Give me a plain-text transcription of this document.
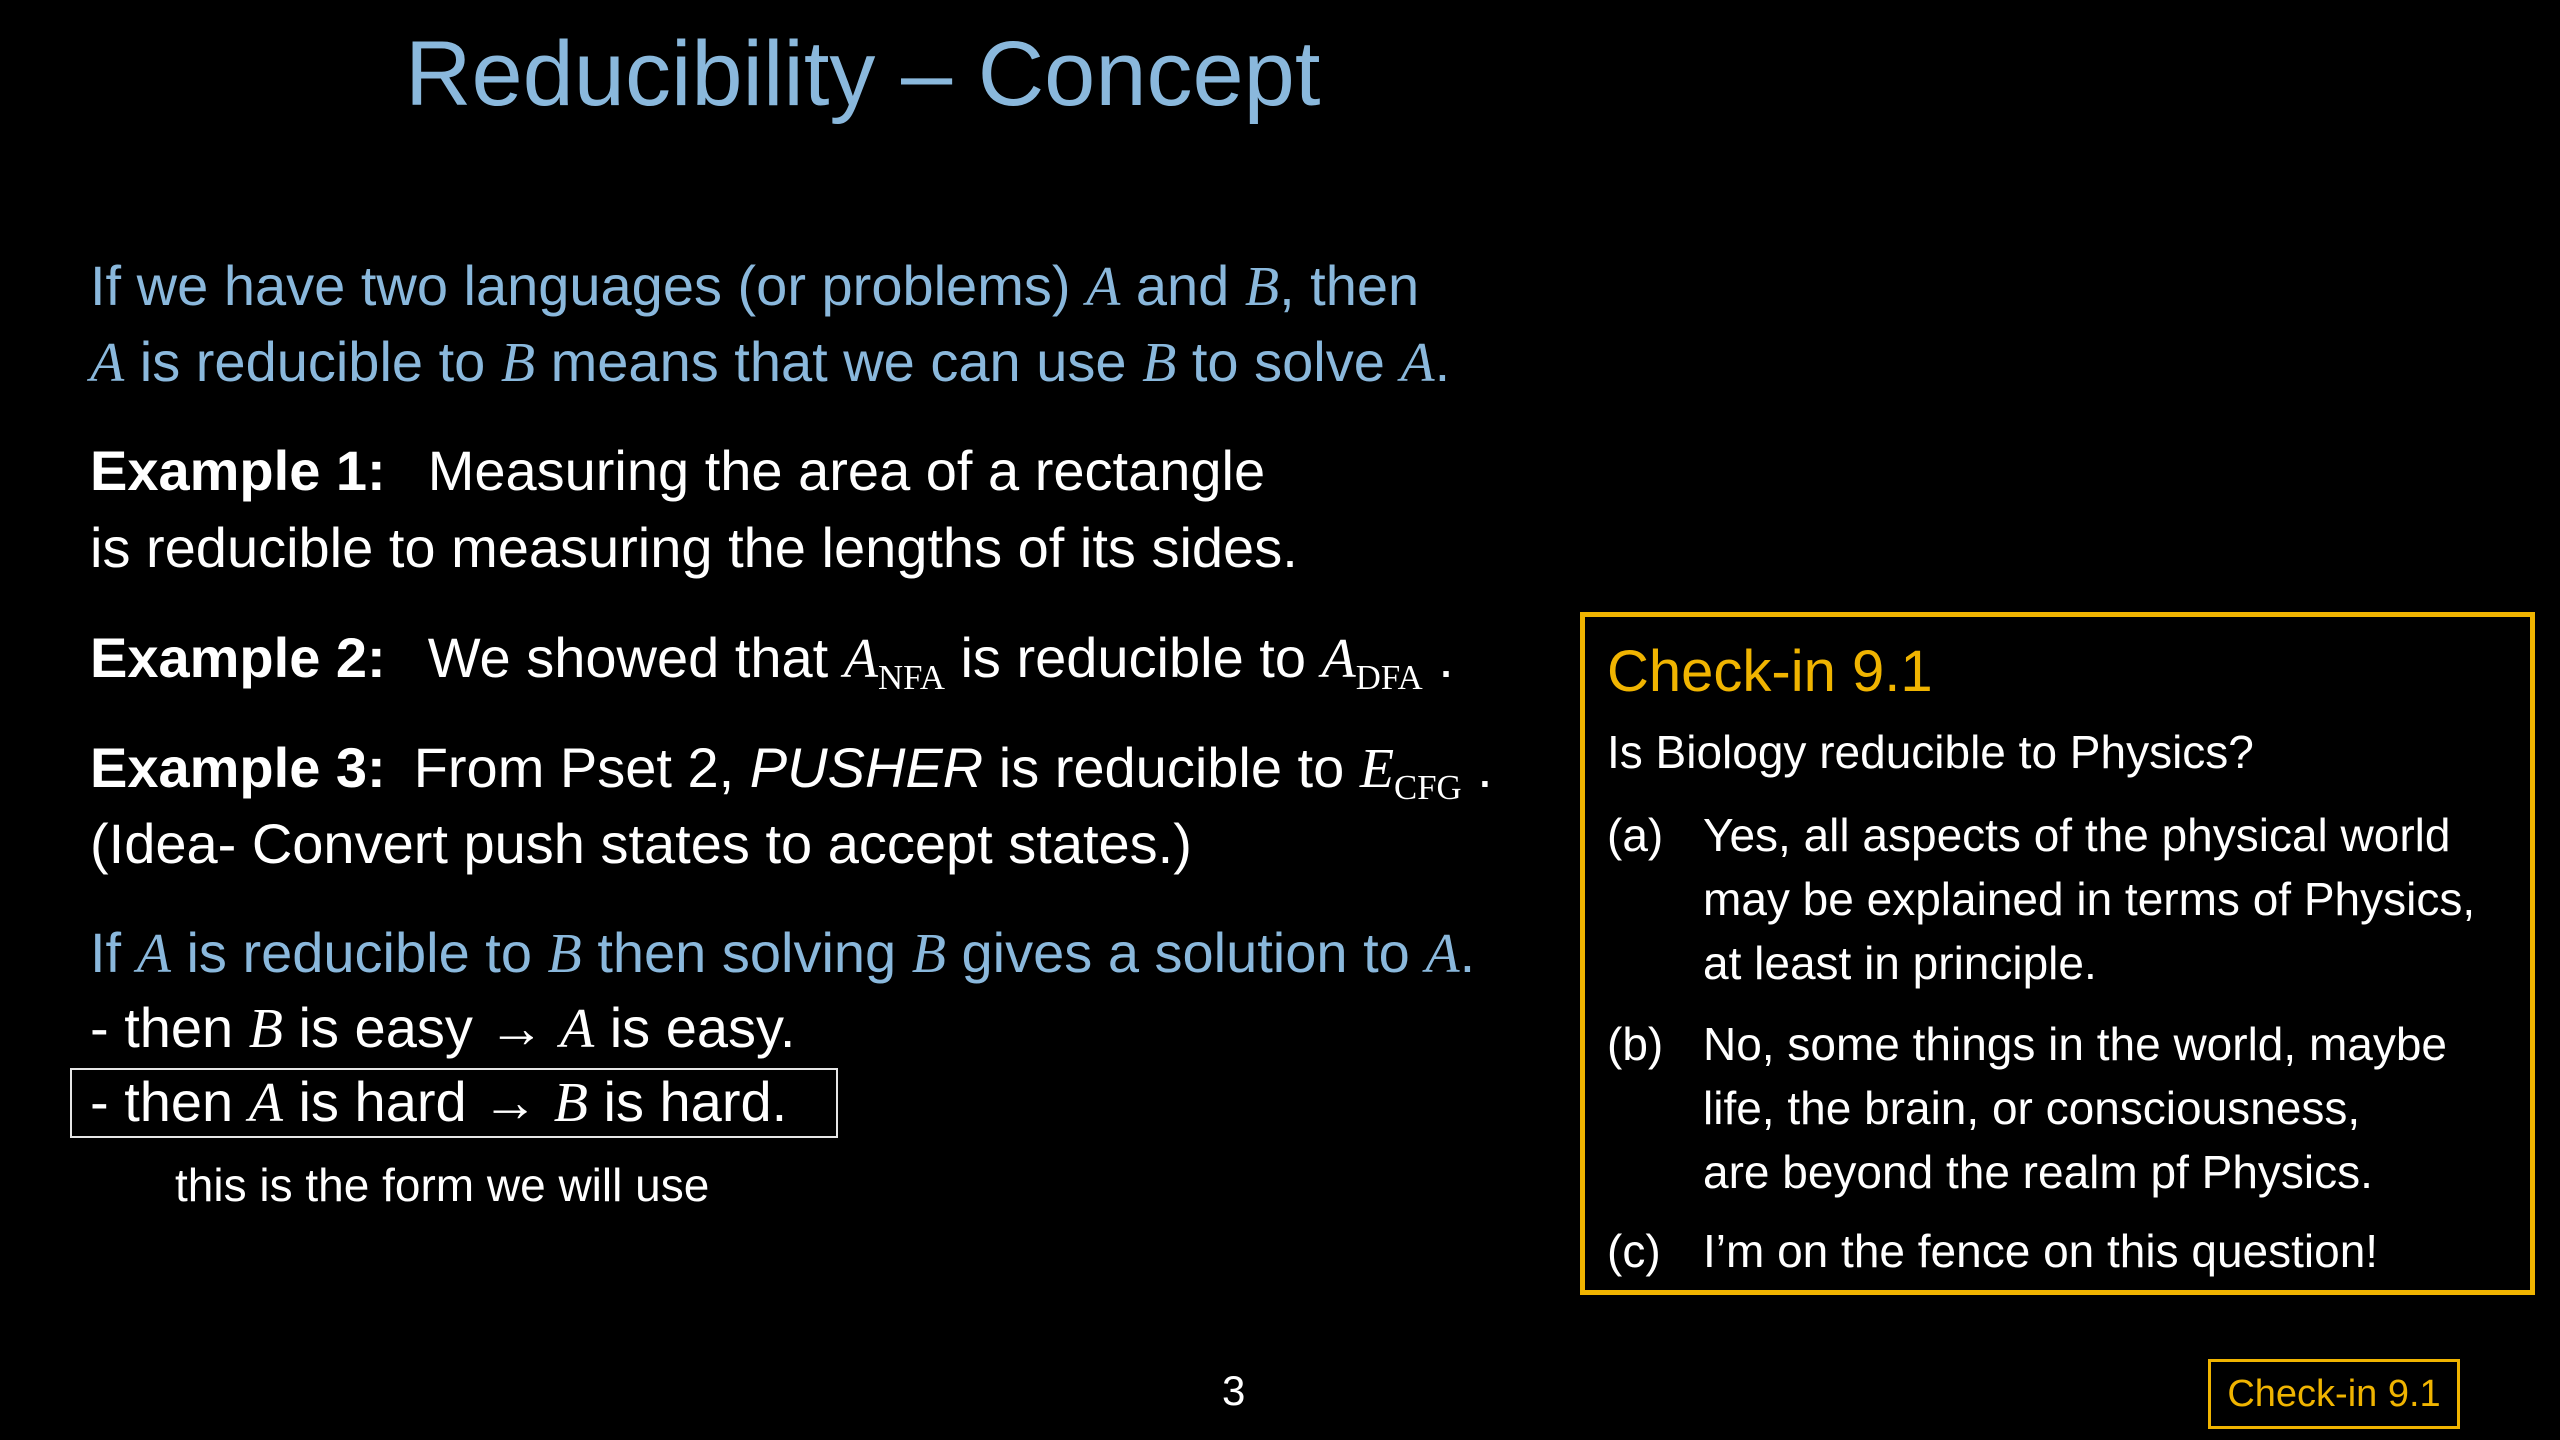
Reducibility – Concept
If we have two languages (or problems) A and B, then
A is reducible to B means that we can use B to solve A.
Example 1: Measuring the area of a rectangle
is reducible to measuring the lengths of its sides.
Example 2: We showed that $A_{NFA}$ is reducible to $A_{DFA}$ .
Example 3: From Pset 2, PUSHER is reducible to $E_{CFG}$ .
(Idea- Convert push states to accept states.)
If A is reducible to B then solving B gives a solution to A.
- then B is easy → A is easy.
- then A is hard → B is hard.
this is the form we will use
Check-in 9.1
Is Biology reducible to Physics?
(a) Yes, all aspects of the physical world
may be explained in terms of Physics,
at least in principle.
(b) No, some things in the world, maybe
life, the brain, or consciousness,
are beyond the realm pf Physics.
(c) I’m on the fence on this question!
3	Check-in 9.1
